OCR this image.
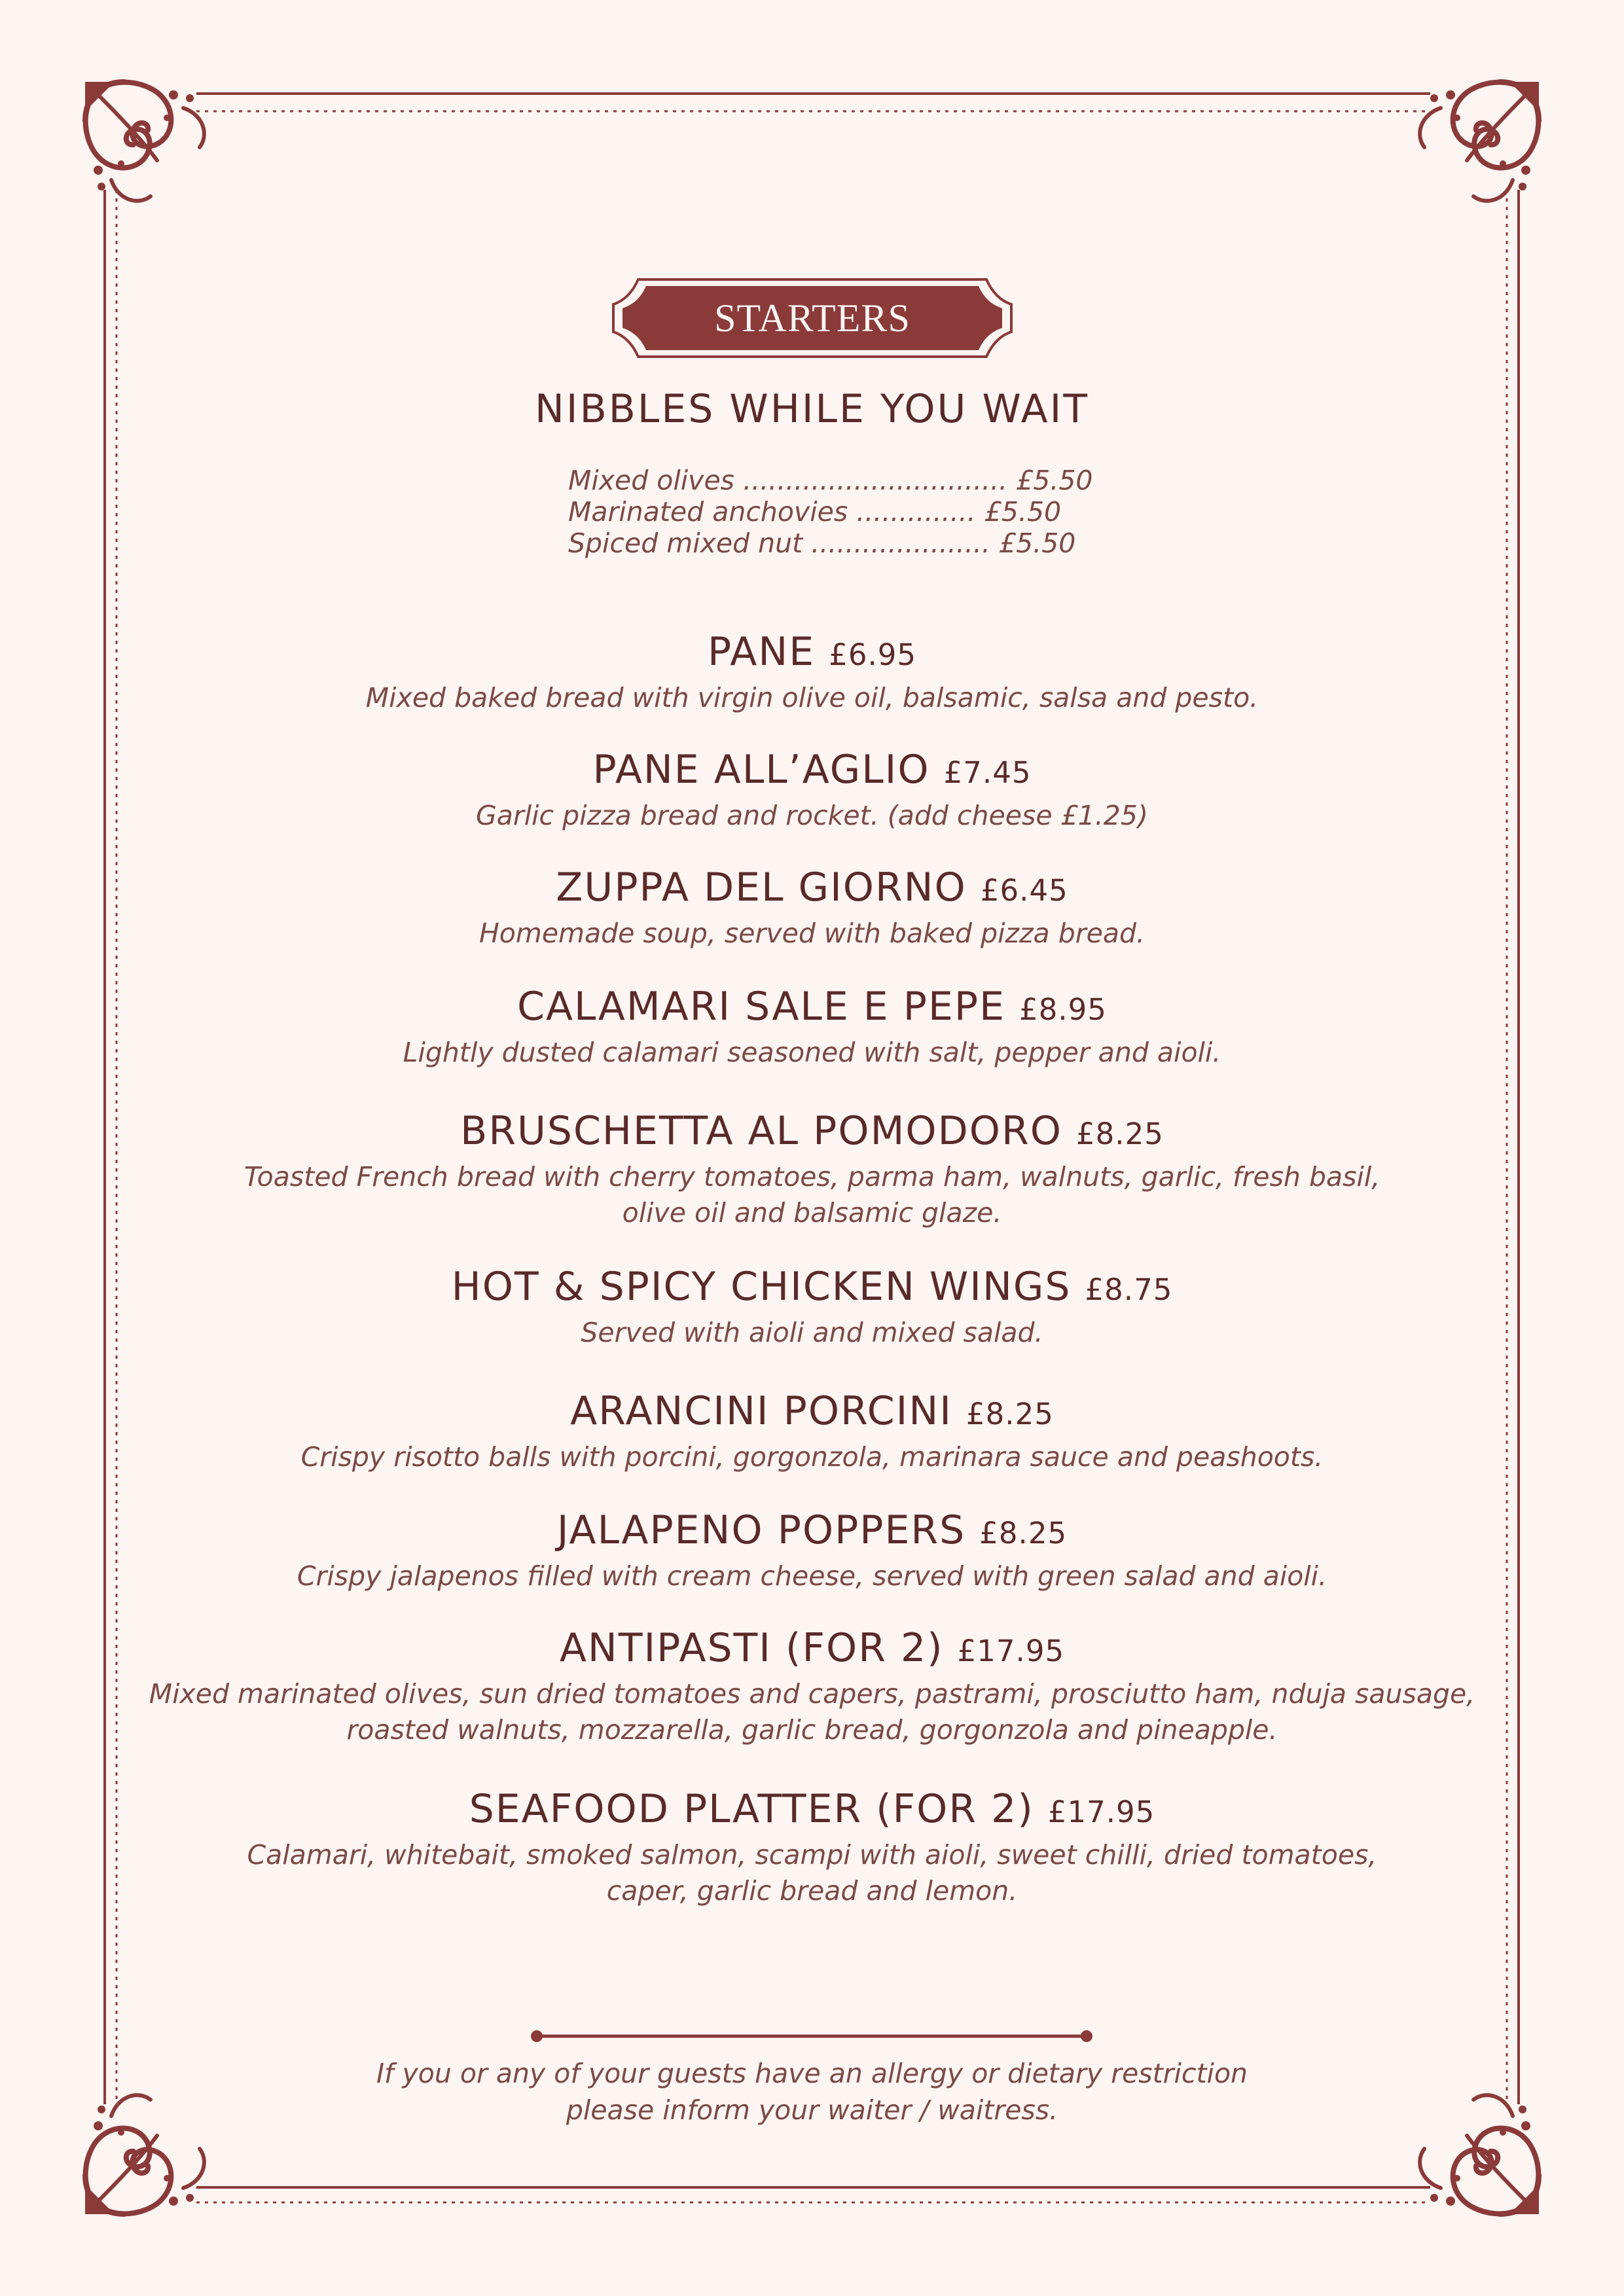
STARTERS
NIBBLES WHILE YOU WAIT
Mixed olives ............................... £5.50
Marinated anchovies .............. £5.50
Spiced mixed nut ..................... £5.50
PANE £6.95
Mixed baked bread with virgin olive oil, balsamic, salsa and pesto.
PANE ALL’AGLIO £7.45
Garlic pizza bread and rocket. (add cheese £1.25)
ZUPPA DEL GIORNO £6.45
Homemade soup, served with baked pizza bread.
CALAMARI SALE E PEPE £8.95
Lightly dusted calamari seasoned with salt, pepper and aioli.
BRUSCHETTA AL POMODORO £8.25
Toasted French bread with cherry tomatoes, parma ham, walnuts, garlic, fresh basil,
olive oil and balsamic glaze.
HOT & SPICY CHICKEN WINGS £8.75
Served with aioli and mixed salad.
ARANCINI PORCINI £8.25
Crispy risotto balls with porcini, gorgonzola, marinara sauce and peashoots.
JALAPENO POPPERS £8.25
Crispy jalapenos filled with cream cheese, served with green salad and aioli.
ANTIPASTI (FOR 2) £17.95
Mixed marinated olives, sun dried tomatoes and capers, pastrami, prosciutto ham, nduja sausage,
roasted walnuts, mozzarella, garlic bread, gorgonzola and pineapple.
SEAFOOD PLATTER (FOR 2) £17.95
Calamari, whitebait, smoked salmon, scampi with aioli, sweet chilli, dried tomatoes,
caper, garlic bread and lemon.
If you or any of your guests have an allergy or dietary restriction
please inform your waiter / waitress.
